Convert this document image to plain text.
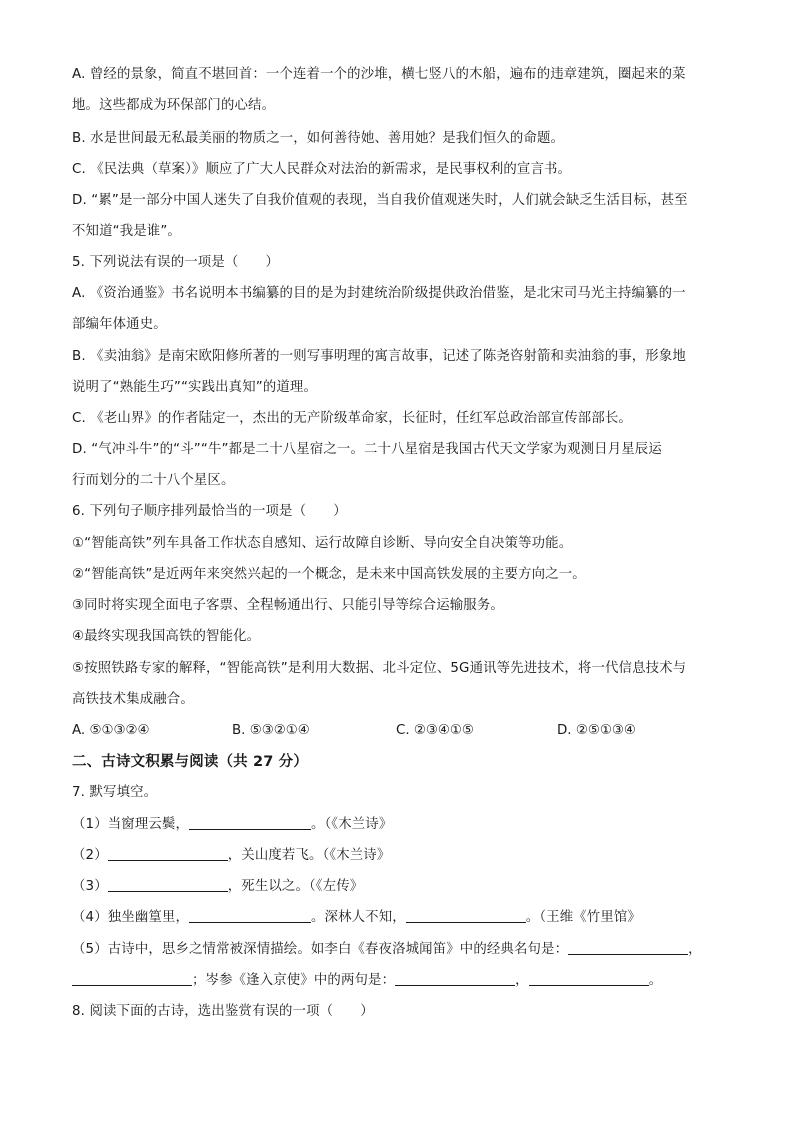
A. 曾经的景象，简直不堪回首：一个连着一个的沙堆，横七竖八的木船，遍布的违章建筑，圈起来的菜
地。这些都成为环保部门的心结。
B. 水是世间最无私最美丽的物质之一，如何善待她、善用她？是我们恒久的命题。
C. 《民法典（草案）》顺应了广大人民群众对法治的新需求，是民事权利的宣言书。
D. “累”是一部分中国人迷失了自我价值观的表现，当自我价值观迷失时，人们就会缺乏生活目标，甚至
不知道“我是谁”。
5. 下列说法有误的一项是（　　）
A. 《资治通鉴》书名说明本书编纂的目的是为封建统治阶级提供政治借鉴，是北宋司马光主持编纂的一
部编年体通史。
B. 《卖油翁》是南宋欧阳修所著的一则写事明理的寓言故事，记述了陈尧咨射箭和卖油翁的事，形象地
说明了“熟能生巧”“实践出真知”的道理。
C. 《老山界》的作者陆定一，杰出的无产阶级革命家，长征时，任红军总政治部宣传部部长。
D. “气冲斗牛”的“斗”“牛”都是二十八星宿之一。二十八星宿是我国古代天文学家为观测日月星辰运
行而划分的二十八个星区。
6. 下列句子顺序排列最恰当的一项是（　　）
①“智能高铁”列车具备工作状态自感知、运行故障自诊断、导向安全自决策等功能。
②“智能高铁”是近两年来突然兴起的一个概念，是未来中国高铁发展的主要方向之一。
③同时将实现全面电子客票、全程畅通出行、只能引导等综合运输服务。
④最终实现我国高铁的智能化。
⑤按照铁路专家的解释，“智能高铁”是利用大数据、北斗定位、5G通讯等先进技术，将一代信息技术与
高铁技术集成融合。
A. ⑤①③②④	B. ⑤③②①④	C. ②③④①⑤	D. ②⑤①③④
二、古诗文积累与阅读（共 27 分）
7. 默写填空。
（1）当窗理云鬓，	。（《木兰诗》
（2）	，关山度若飞。（《木兰诗》
（3）	，死生以之。（《左传》
（4）独坐幽篁里，	。深林人不知，	。（王维《竹里馆》
（5）古诗中，思乡之情常被深情描绘。如李白《春夜洛城闻笛》中的经典名句是：	，
；岑参《逢入京使》中的两句是：	，	。
8. 阅读下面的古诗，选出鉴赏有误的一项（　　）
